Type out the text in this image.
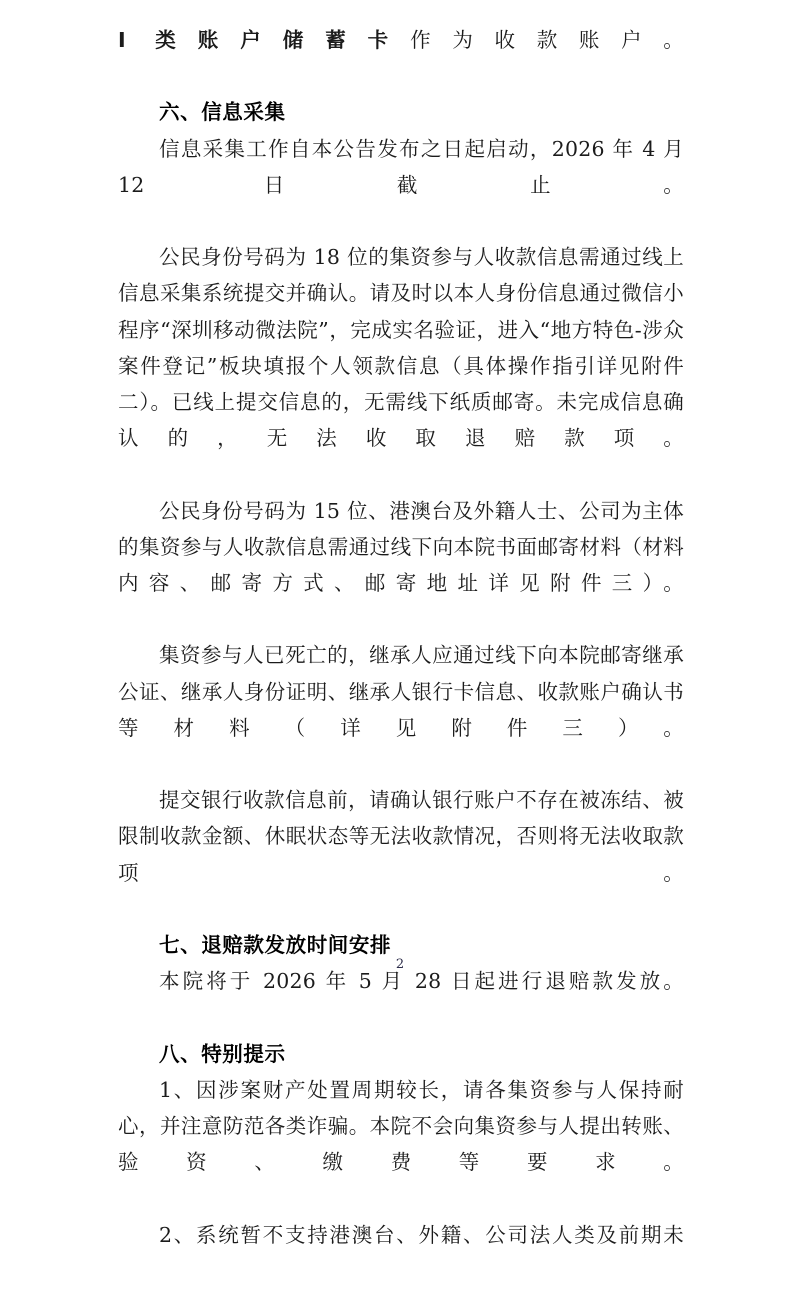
I 类账户储蓄卡作为收款账户。

六、信息采集

信息采集工作自本公告发布之日起启动，2026 年 4 月 12 日截止。

公民身份号码为 18 位的集资参与人收款信息需通过线上信息采集系统提交并确认。请及时以本人身份信息通过微信小程序“深圳移动微法院”，完成实名验证，进入“地方特色-涉众案件登记”板块填报个人领款信息（具体操作指引详见附件二）。已线上提交信息的，无需线下纸质邮寄。未完成信息确认的，无法收取退赔款项。

公民身份号码为 15 位、港澳台及外籍人士、公司为主体的集资参与人收款信息需通过线下向本院书面邮寄材料（材料内容、邮寄方式、邮寄地址详见附件三）。

集资参与人已死亡的，继承人应通过线下向本院邮寄继承公证、继承人身份证明、继承人银行卡信息、收款账户确认书等材料（详见附件三）。

提交银行收款信息前，请确认银行账户不存在被冻结、被限制收款金额、休眠状态等无法收款情况，否则将无法收取款项。

七、退赔款发放时间安排

本院将于 2026 年 5 月 28 日起进行退赔款发放。

八、特别提示

1、因涉案财产处置周期较长，请各集资参与人保持耐心，并注意防范各类诈骗。本院不会向集资参与人提出转账、验资、缴费等要求。

2、系统暂不支持港澳台、外籍、公司法人类及前期未

2
